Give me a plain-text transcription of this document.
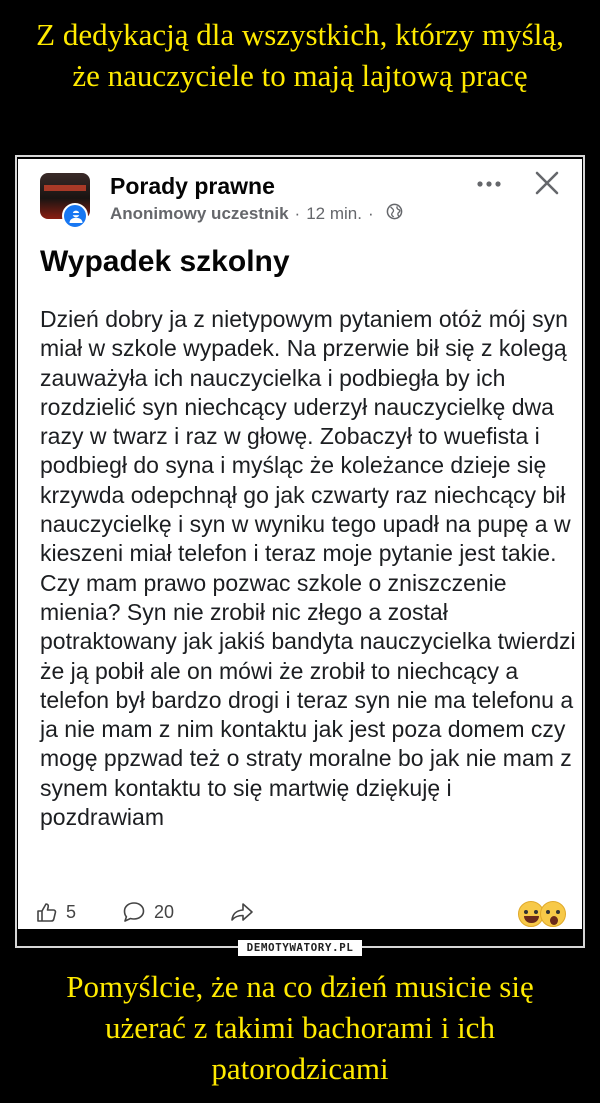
Z dedykacją dla wszystkich, którzy myślą, że nauczyciele to mają lajtową pracę
Porady prawne
Anonimowy uczestnik · 12 min. ·
Wypadek szkolny
Dzień dobry ja z nietypowym pytaniem otóż mój syn miał w szkole wypadek. Na przerwie bił się z kolegą zauważyła ich nauczycielka i podbiegła by ich rozdzielić syn niechcący uderzył nauczycielkę dwa razy w twarz i raz w głowę. Zobaczył to wuefista i podbiegł do syna i myśląc że koleżance dzieje się krzywda odepchnął go jak czwarty raz niechcący bił nauczycielkę i syn w wyniku tego upadł na pupę a w kieszeni miał telefon i teraz moje pytanie jest takie. Czy mam prawo pozwac szkole o zniszczenie mienia? Syn nie zrobił nic złego a został potraktowany jak jakiś bandyta nauczycielka twierdzi że ją pobił ale on mówi że zrobił to niechcący a telefon był bardzo drogi i teraz syn nie ma telefonu a ja nie mam z nim kontaktu jak jest poza domem czy mogę ppzwad też o straty moralne bo jak nie mam z synem kontaktu to się martwię dziękuję i pozdrawiam
5	20
DEMOTYWATORY.PL
Pomyślcie, że na co dzień musicie się użerać z takimi bachorami i ich patorodzicami
